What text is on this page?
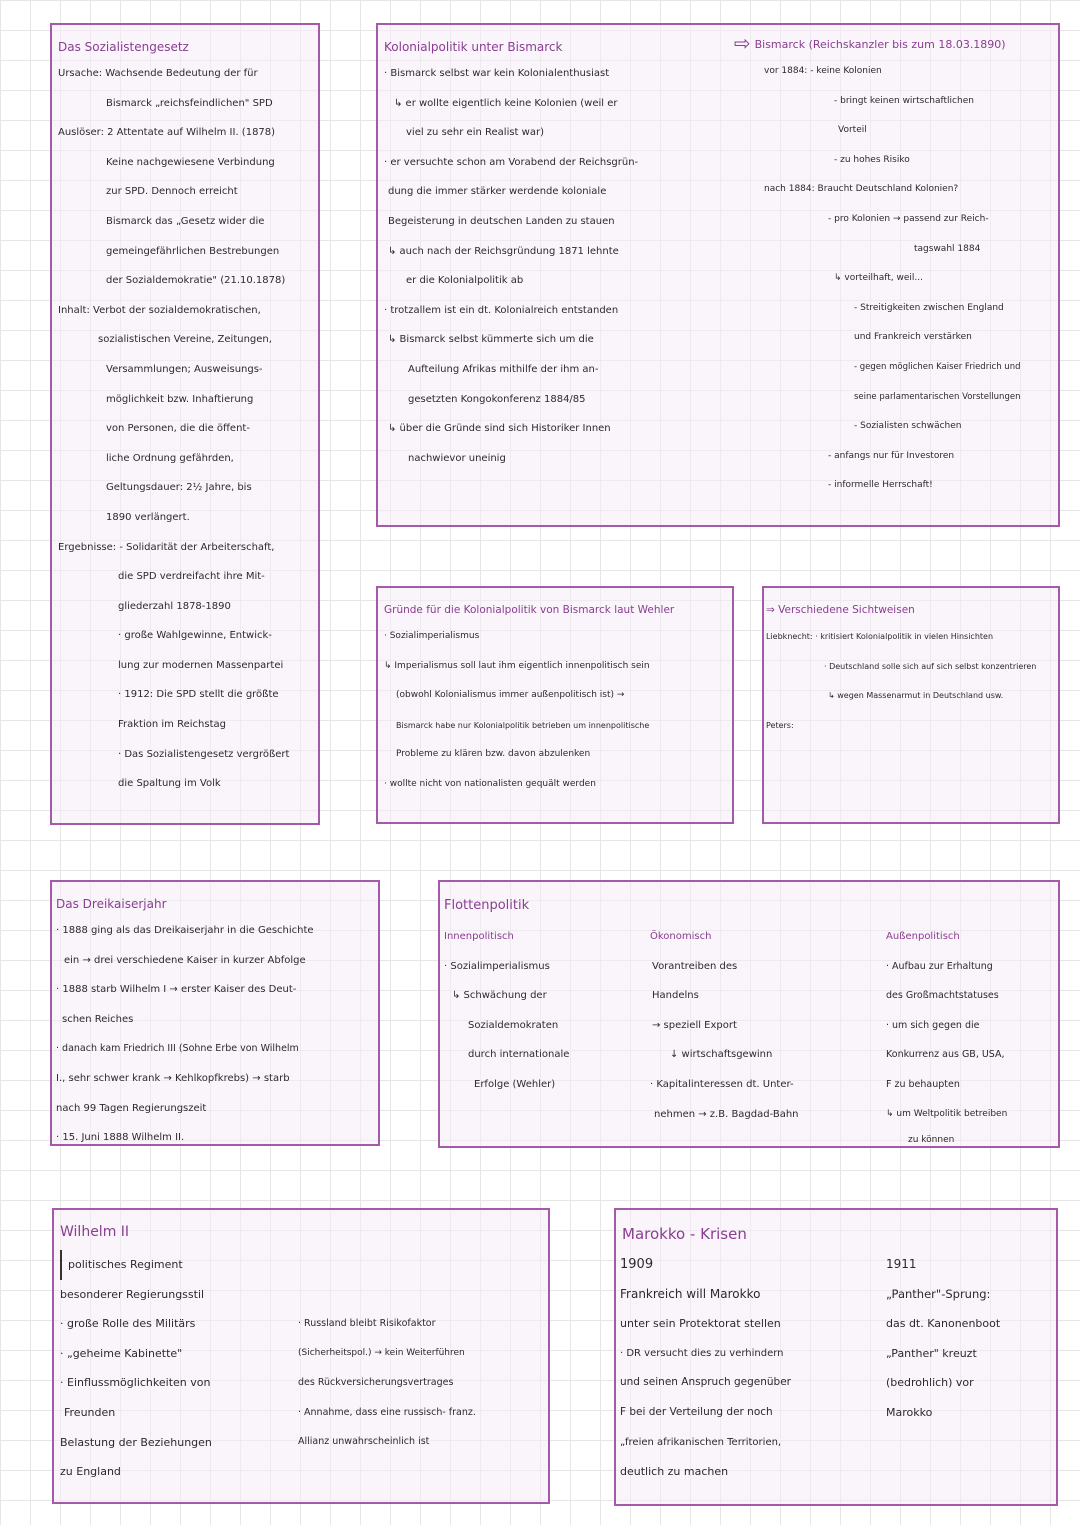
Das Sozialistengesetz
Ursache: Wachsende Bedeutung der für
Bismarck „reichsfeindlichen" SPD
Auslöser: 2 Attentate auf Wilhelm II. (1878)
Keine nachgewiesene Verbindung
zur SPD. Dennoch erreicht
Bismarck das „Gesetz wider die
gemeingefährlichen Bestrebungen
der Sozialdemokratie" (21.10.1878)
Inhalt: Verbot der sozialdemokratischen,
sozialistischen Vereine, Zeitungen,
Versammlungen; Ausweisungs-
möglichkeit bzw. Inhaftierung
von Personen, die die öffent-
liche Ordnung gefährden,
Geltungsdauer: 2½ Jahre, bis
1890 verlängert.
Ergebnisse: - Solidarität der Arbeiterschaft,
die SPD verdreifacht ihre Mit-
gliederzahl 1878-1890
· große Wahlgewinne, Entwick-
lung zur modernen Massenpartei
· 1912: Die SPD stellt die größte
Fraktion im Reichstag
· Das Sozialistengesetz vergrößert
die Spaltung im Volk
Kolonialpolitik unter Bismarck
· Bismarck selbst war kein Kolonialenthusiast
↳ er wollte eigentlich keine Kolonien (weil er
viel zu sehr ein Realist war)
· er versuchte schon am Vorabend der Reichsgrün-
dung die immer stärker werdende koloniale
Begeisterung in deutschen Landen zu stauen
↳ auch nach der Reichsgründung 1871 lehnte
er die Kolonialpolitik ab
· trotzallem ist ein dt. Kolonialreich entstanden
↳ Bismarck selbst kümmerte sich um die
Aufteilung Afrikas mithilfe der ihm an-
gesetzten Kongokonferenz 1884/85
↳ über die Gründe sind sich Historiker Innen
nachwievor uneinig
⇨ Bismarck (Reichskanzler bis zum 18.03.1890)
vor 1884: - keine Kolonien
- bringt keinen wirtschaftlichen
Vorteil
- zu hohes Risiko
nach 1884: Braucht Deutschland Kolonien?
- pro Kolonien → passend zur Reich-
tagswahl 1884
↳ vorteilhaft, weil...
- Streitigkeiten zwischen England
und Frankreich verstärken
- gegen möglichen Kaiser Friedrich und
seine parlamentarischen Vorstellungen
- Sozialisten schwächen
- anfangs nur für Investoren
- informelle Herrschaft!
Gründe für die Kolonialpolitik von Bismarck laut Wehler
· Sozialimperialismus
↳ Imperialismus soll laut ihm eigentlich innenpolitisch sein
(obwohl Kolonialismus immer außenpolitisch ist) →
Bismarck habe nur Kolonialpolitik betrieben um innenpolitische
Probleme zu klären bzw. davon abzulenken
· wollte nicht von nationalisten gequält werden
⇒ Verschiedene Sichtweisen
Liebknecht: · kritisiert Kolonialpolitik in vielen Hinsichten
· Deutschland solle sich auf sich selbst konzentrieren
↳ wegen Massenarmut in Deutschland usw.
Peters:
Das Dreikaiserjahr
· 1888 ging als das Dreikaiserjahr in die Geschichte
ein → drei verschiedene Kaiser in kurzer Abfolge
· 1888 starb Wilhelm I → erster Kaiser des Deut-
schen Reiches
· danach kam Friedrich III (Sohne Erbe von Wilhelm
I., sehr schwer krank → Kehlkopfkrebs) → starb
nach 99 Tagen Regierungszeit
· 15. Juni 1888 Wilhelm II.
Flottenpolitik
Innenpolitisch
· Sozialimperialismus
↳ Schwächung der
Sozialdemokraten
durch internationale
Erfolge (Wehler)
Ökonomisch
Vorantreiben des
Handelns
→ speziell Export
↓ wirtschaftsgewinn
· Kapitalinteressen dt. Unter-
nehmen → z.B. Bagdad-Bahn
Außenpolitisch
· Aufbau zur Erhaltung
des Großmachtstatuses
· um sich gegen die
Konkurrenz aus GB, USA,
F zu behaupten
↳ um Weltpolitik betreiben
zu können
Wilhelm II
politisches Regiment
besonderer Regierungsstil
· große Rolle des Militärs
· „geheime Kabinette"
· Einflussmöglichkeiten von
Freunden
Belastung der Beziehungen
zu England
· Russland bleibt Risikofaktor
(Sicherheitspol.) → kein Weiterführen
des Rückversicherungsvertrages
· Annahme, dass eine russisch- franz.
Allianz unwahrscheinlich ist
Marokko - Krisen
1909
Frankreich will Marokko
unter sein Protektorat stellen
· DR versucht dies zu verhindern
und seinen Anspruch gegenüber
F bei der Verteilung der noch
„freien afrikanischen Territorien,
deutlich zu machen
1911
„Panther"-Sprung:
das dt. Kanonenboot
„Panther" kreuzt
(bedrohlich) vor
Marokko
